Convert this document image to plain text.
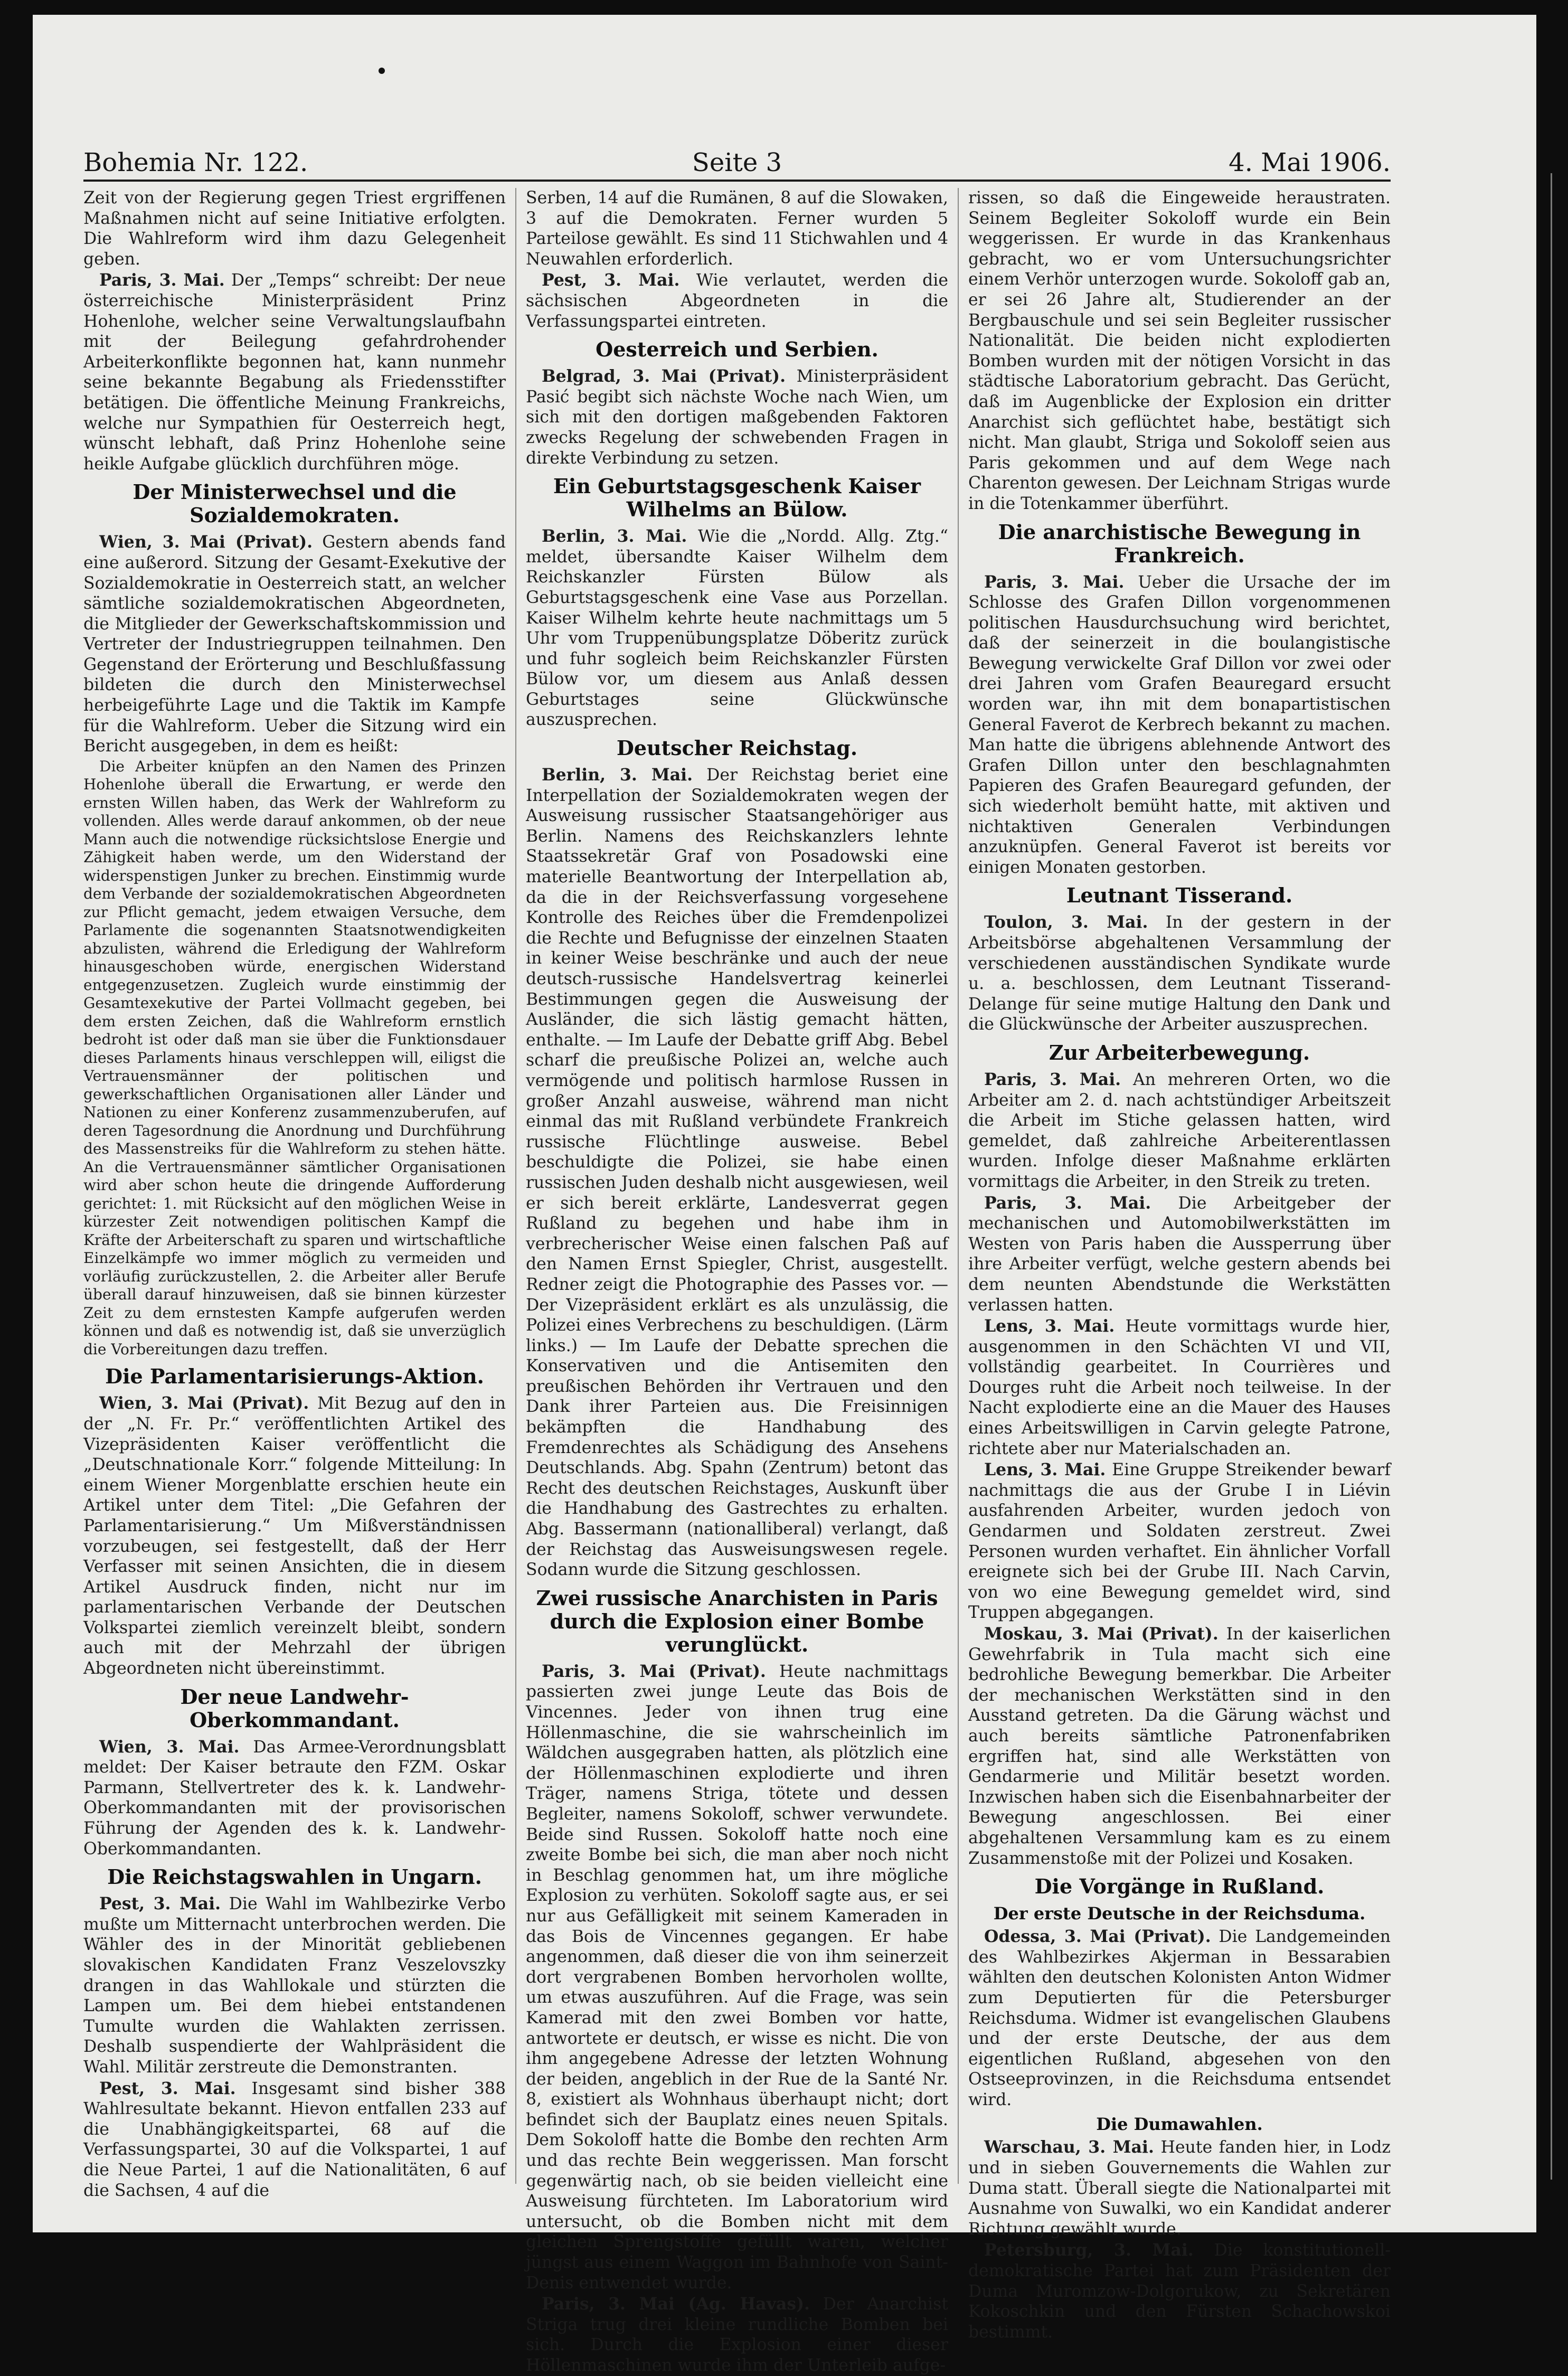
Bohemia Nr. 122.	Seite 3	4. Mai 1906.

Zeit von der Regierung gegen Triest ergriffenen Maßnahmen nicht auf seine Initiative erfolgten. Die Wahlreform wird ihm dazu Gelegenheit geben.

Paris, 3. Mai. Der „Temps“ schreibt: Der neue österreichische Ministerpräsident Prinz Hohenlohe, welcher seine Verwaltungslaufbahn mit der Beilegung gefahrdrohender Arbeiterkonflikte begonnen hat, kann nunmehr seine bekannte Begabung als Friedensstifter betätigen. Die öffentliche Meinung Frankreichs, welche nur Sympathien für Oesterreich hegt, wünscht lebhaft, daß Prinz Hohenlohe seine heikle Aufgabe glücklich durchführen möge.

Der Ministerwechsel und die Sozialdemokraten.

Wien, 3. Mai (Privat). Gestern abends fand eine außerord. Sitzung der Gesamt-Exekutive der Sozialdemokratie in Oesterreich statt, an welcher sämtliche sozialdemokratischen Abgeordneten, die Mitglieder der Gewerkschaftskommission und Vertreter der Industriegruppen teilnahmen. Den Gegenstand der Erörterung und Beschlußfassung bildeten die durch den Ministerwechsel herbeigeführte Lage und die Taktik im Kampfe für die Wahlreform. Ueber die Sitzung wird ein Bericht ausgegeben, in dem es heißt:

Die Arbeiter knüpfen an den Namen des Prinzen Hohenlohe überall die Erwartung, er werde den ernsten Willen haben, das Werk der Wahlreform zu vollenden. Alles werde darauf ankommen, ob der neue Mann auch die notwendige rücksichtslose Energie und Zähigkeit haben werde, um den Widerstand der widerspenstigen Junker zu brechen. Einstimmig wurde dem Verbande der sozialdemokratischen Abgeordneten zur Pflicht gemacht, jedem etwaigen Versuche, dem Parlamente die sogenannten Staatsnotwendigkeiten abzulisten, während die Erledigung der Wahlreform hinausgeschoben würde, energischen Widerstand entgegenzusetzen. Zugleich wurde einstimmig der Gesamtexekutive der Partei Vollmacht gegeben, bei dem ersten Zeichen, daß die Wahlreform ernstlich bedroht ist oder daß man sie über die Funktionsdauer dieses Parlaments hinaus verschleppen will, eiligst die Vertrauensmänner der politischen und gewerkschaftlichen Organisationen aller Länder und Nationen zu einer Konferenz zusammenzuberufen, auf deren Tagesordnung die Anordnung und Durchführung des Massenstreiks für die Wahlreform zu stehen hätte. An die Vertrauensmänner sämtlicher Organisationen wird aber schon heute die dringende Aufforderung gerichtet: 1. mit Rücksicht auf den möglichen Weise in kürzester Zeit notwendigen politischen Kampf die Kräfte der Arbeiterschaft zu sparen und wirtschaftliche Einzelkämpfe wo immer möglich zu vermeiden und vorläufig zurückzustellen, 2. die Arbeiter aller Berufe überall darauf hinzuweisen, daß sie binnen kürzester Zeit zu dem ernstesten Kampfe aufgerufen werden können und daß es notwendig ist, daß sie unverzüglich die Vorbereitungen dazu treffen.

Die Parlamentarisierungs-Aktion.

Wien, 3. Mai (Privat). Mit Bezug auf den in der „N. Fr. Pr.“ veröffentlichten Artikel des Vizepräsidenten Kaiser veröffentlicht die „Deutschnationale Korr.“ folgende Mitteilung: In einem Wiener Morgenblatte erschien heute ein Artikel unter dem Titel: „Die Gefahren der Parlamentarisierung.“ Um Mißverständnissen vorzubeugen, sei festgestellt, daß der Herr Verfasser mit seinen Ansichten, die in diesem Artikel Ausdruck finden, nicht nur im parlamentarischen Verbande der Deutschen Volkspartei ziemlich vereinzelt bleibt, sondern auch mit der Mehrzahl der übrigen Abgeordneten nicht übereinstimmt.

Der neue Landwehr-Oberkommandant.

Wien, 3. Mai. Das Armee-Verordnungsblatt meldet: Der Kaiser betraute den FZM. Oskar Parmann, Stellvertreter des k. k. Landwehr-Oberkommandanten mit der provisorischen Führung der Agenden des k. k. Landwehr-Oberkommandanten.

Die Reichstagswahlen in Ungarn.

Pest, 3. Mai. Die Wahl im Wahlbezirke Verbo mußte um Mitternacht unterbrochen werden. Die Wähler des in der Minorität gebliebenen slovakischen Kandidaten Franz Veszelovszky drangen in das Wahllokale und stürzten die Lampen um. Bei dem hiebei entstandenen Tumulte wurden die Wahlakten zerrissen. Deshalb suspendierte der Wahlpräsident die Wahl. Militär zerstreute die Demonstranten.

Pest, 3. Mai. Insgesamt sind bisher 388 Wahlresultate bekannt. Hievon entfallen 233 auf die Unabhängigkeitspartei, 68 auf die Verfassungspartei, 30 auf die Volkspartei, 1 auf die Neue Partei, 1 auf die Nationalitäten, 6 auf die Sachsen, 4 auf die

Serben, 14 auf die Rumänen, 8 auf die Slowaken, 3 auf die Demokraten. Ferner wurden 5 Parteilose gewählt. Es sind 11 Stichwahlen und 4 Neuwahlen erforderlich.

Pest, 3. Mai. Wie verlautet, werden die sächsischen Abgeordneten in die Verfassungspartei eintreten.

Oesterreich und Serbien.

Belgrad, 3. Mai (Privat). Ministerpräsident Pasić begibt sich nächste Woche nach Wien, um sich mit den dortigen maßgebenden Faktoren zwecks Regelung der schwebenden Fragen in direkte Verbindung zu setzen.

Ein Geburtstagsgeschenk Kaiser Wilhelms an Bülow.

Berlin, 3. Mai. Wie die „Nordd. Allg. Ztg.“ meldet, übersandte Kaiser Wilhelm dem Reichskanzler Fürsten Bülow als Geburtstagsgeschenk eine Vase aus Porzellan. Kaiser Wilhelm kehrte heute nachmittags um 5 Uhr vom Truppenübungsplatze Döberitz zurück und fuhr sogleich beim Reichskanzler Fürsten Bülow vor, um diesem aus Anlaß dessen Geburtstages seine Glückwünsche auszusprechen.

Deutscher Reichstag.

Berlin, 3. Mai. Der Reichstag beriet eine Interpellation der Sozialdemokraten wegen der Ausweisung russischer Staatsangehöriger aus Berlin. Namens des Reichskanzlers lehnte Staatssekretär Graf von Posadowski eine materielle Beantwortung der Interpellation ab, da die in der Reichsverfassung vorgesehene Kontrolle des Reiches über die Fremdenpolizei die Rechte und Befugnisse der einzelnen Staaten in keiner Weise beschränke und auch der neue deutsch-russische Handelsvertrag keinerlei Bestimmungen gegen die Ausweisung der Ausländer, die sich lästig gemacht hätten, enthalte. — Im Laufe der Debatte griff Abg. Bebel scharf die preußische Polizei an, welche auch vermögende und politisch harmlose Russen in großer Anzahl ausweise, während man nicht einmal das mit Rußland verbündete Frankreich russische Flüchtlinge ausweise. Bebel beschuldigte die Polizei, sie habe einen russischen Juden deshalb nicht ausgewiesen, weil er sich bereit erklärte, Landesverrat gegen Rußland zu begehen und habe ihm in verbrecherischer Weise einen falschen Paß auf den Namen Ernst Spiegler, Christ, ausgestellt. Redner zeigt die Photographie des Passes vor. — Der Vizepräsident erklärt es als unzulässig, die Polizei eines Verbrechens zu beschuldigen. (Lärm links.) — Im Laufe der Debatte sprechen die Konservativen und die Antisemiten den preußischen Behörden ihr Vertrauen und den Dank ihrer Parteien aus. Die Freisinnigen bekämpften die Handhabung des Fremdenrechtes als Schädigung des Ansehens Deutschlands. Abg. Spahn (Zentrum) betont das Recht des deutschen Reichstages, Auskunft über die Handhabung des Gastrechtes zu erhalten. Abg. Bassermann (nationalliberal) verlangt, daß der Reichstag das Ausweisungswesen regele. Sodann wurde die Sitzung geschlossen.

Zwei russische Anarchisten in Paris durch die Explosion einer Bombe verunglückt.

Paris, 3. Mai (Privat). Heute nachmittags passierten zwei junge Leute das Bois de Vincennes. Jeder von ihnen trug eine Höllenmaschine, die sie wahrscheinlich im Wäldchen ausgegraben hatten, als plötzlich eine der Höllenmaschinen explodierte und ihren Träger, namens Striga, tötete und dessen Begleiter, namens Sokoloff, schwer verwundete. Beide sind Russen. Sokoloff hatte noch eine zweite Bombe bei sich, die man aber noch nicht in Beschlag genommen hat, um ihre mögliche Explosion zu verhüten. Sokoloff sagte aus, er sei nur aus Gefälligkeit mit seinem Kameraden in das Bois de Vincennes gegangen. Er habe angenommen, daß dieser die von ihm seinerzeit dort vergrabenen Bomben hervorholen wollte, um etwas auszuführen. Auf die Frage, was sein Kamerad mit den zwei Bomben vor hatte, antwortete er deutsch, er wisse es nicht. Die von ihm angegebene Adresse der letzten Wohnung der beiden, angeblich in der Rue de la Santé Nr. 8, existiert als Wohnhaus überhaupt nicht; dort befindet sich der Bauplatz eines neuen Spitals. Dem Sokoloff hatte die Bombe den rechten Arm und das rechte Bein weggerissen. Man forscht gegenwärtig nach, ob sie beiden vielleicht eine Ausweisung fürchteten. Im Laboratorium wird untersucht, ob die Bomben nicht mit dem gleichen Sprengstoffe gefüllt waren, welcher jüngst aus einem Waggon im Bahnhofe von Saint-Denis entwendet wurde.

Paris, 3. Mai (Ag. Havas). Der Anarchist Striga trug drei kleine rundliche Bomben bei sich. Durch die Explosion einer dieser Höllenmaschinen wurde ihm der Unterleib aufge-

rissen, so daß die Eingeweide heraustraten. Seinem Begleiter Sokoloff wurde ein Bein weggerissen. Er wurde in das Krankenhaus gebracht, wo er vom Untersuchungsrichter einem Verhör unterzogen wurde. Sokoloff gab an, er sei 26 Jahre alt, Studierender an der Bergbauschule und sei sein Begleiter russischer Nationalität. Die beiden nicht explodierten Bomben wurden mit der nötigen Vorsicht in das städtische Laboratorium gebracht. Das Gerücht, daß im Augenblicke der Explosion ein dritter Anarchist sich geflüchtet habe, bestätigt sich nicht. Man glaubt, Striga und Sokoloff seien aus Paris gekommen und auf dem Wege nach Charenton gewesen. Der Leichnam Strigas wurde in die Totenkammer überführt.

Die anarchistische Bewegung in Frankreich.

Paris, 3. Mai. Ueber die Ursache der im Schlosse des Grafen Dillon vorgenommenen politischen Hausdurchsuchung wird berichtet, daß der seinerzeit in die boulangistische Bewegung verwickelte Graf Dillon vor zwei oder drei Jahren vom Grafen Beauregard ersucht worden war, ihn mit dem bonapartistischen General Faverot de Kerbrech bekannt zu machen. Man hatte die übrigens ablehnende Antwort des Grafen Dillon unter den beschlagnahmten Papieren des Grafen Beauregard gefunden, der sich wiederholt bemüht hatte, mit aktiven und nichtaktiven Generalen Verbindungen anzuknüpfen. General Faverot ist bereits vor einigen Monaten gestorben.

Leutnant Tisserand.

Toulon, 3. Mai. In der gestern in der Arbeitsbörse abgehaltenen Versammlung der verschiedenen ausständischen Syndikate wurde u. a. beschlossen, dem Leutnant Tisserand-Delange für seine mutige Haltung den Dank und die Glückwünsche der Arbeiter auszusprechen.

Zur Arbeiterbewegung.

Paris, 3. Mai. An mehreren Orten, wo die Arbeiter am 2. d. nach achtstündiger Arbeitszeit die Arbeit im Stiche gelassen hatten, wird gemeldet, daß zahlreiche Arbeiterentlassen wurden. Infolge dieser Maßnahme erklärten vormittags die Arbeiter, in den Streik zu treten.

Paris, 3. Mai. Die Arbeitgeber der mechanischen und Automobilwerkstätten im Westen von Paris haben die Aussperrung über ihre Arbeiter verfügt, welche gestern abends bei dem neunten Abendstunde die Werkstätten verlassen hatten.

Lens, 3. Mai. Heute vormittags wurde hier, ausgenommen in den Schächten VI und VII, vollständig gearbeitet. In Courrières und Dourges ruht die Arbeit noch teilweise. In der Nacht explodierte eine an die Mauer des Hauses eines Arbeitswilligen in Carvin gelegte Patrone, richtete aber nur Materialschaden an.

Lens, 3. Mai. Eine Gruppe Streikender bewarf nachmittags die aus der Grube I in Liévin ausfahrenden Arbeiter, wurden jedoch von Gendarmen und Soldaten zerstreut. Zwei Personen wurden verhaftet. Ein ähnlicher Vorfall ereignete sich bei der Grube III. Nach Carvin, von wo eine Bewegung gemeldet wird, sind Truppen abgegangen.

Moskau, 3. Mai (Privat). In der kaiserlichen Gewehrfabrik in Tula macht sich eine bedrohliche Bewegung bemerkbar. Die Arbeiter der mechanischen Werkstätten sind in den Ausstand getreten. Da die Gärung wächst und auch bereits sämtliche Patronenfabriken ergriffen hat, sind alle Werkstätten von Gendarmerie und Militär besetzt worden. Inzwischen haben sich die Eisenbahnarbeiter der Bewegung angeschlossen. Bei einer abgehaltenen Versammlung kam es zu einem Zusammenstoße mit der Polizei und Kosaken.

Die Vorgänge in Rußland.
Der erste Deutsche in der Reichsduma.

Odessa, 3. Mai (Privat). Die Landgemeinden des Wahlbezirkes Akjerman in Bessarabien wählten den deutschen Kolonisten Anton Widmer zum Deputierten für die Petersburger Reichsduma. Widmer ist evangelischen Glaubens und der erste Deutsche, der aus dem eigentlichen Rußland, abgesehen von den Ostseeprovinzen, in die Reichsduma entsendet wird.

Die Dumawahlen.

Warschau, 3. Mai. Heute fanden hier, in Lodz und in sieben Gouvernements die Wahlen zur Duma statt. Überall siegte die Nationalpartei mit Ausnahme von Suwalki, wo ein Kandidat anderer Richtung gewählt wurde.

Petersburg, 3. Mai. Die konstitutionell-demokratische Partei hat zum Präsidenten der Duma Muromzow-Dolgorukow, zu Sekretären Kokoschkin und den Fürsten Schachowskoi bestimmt.
